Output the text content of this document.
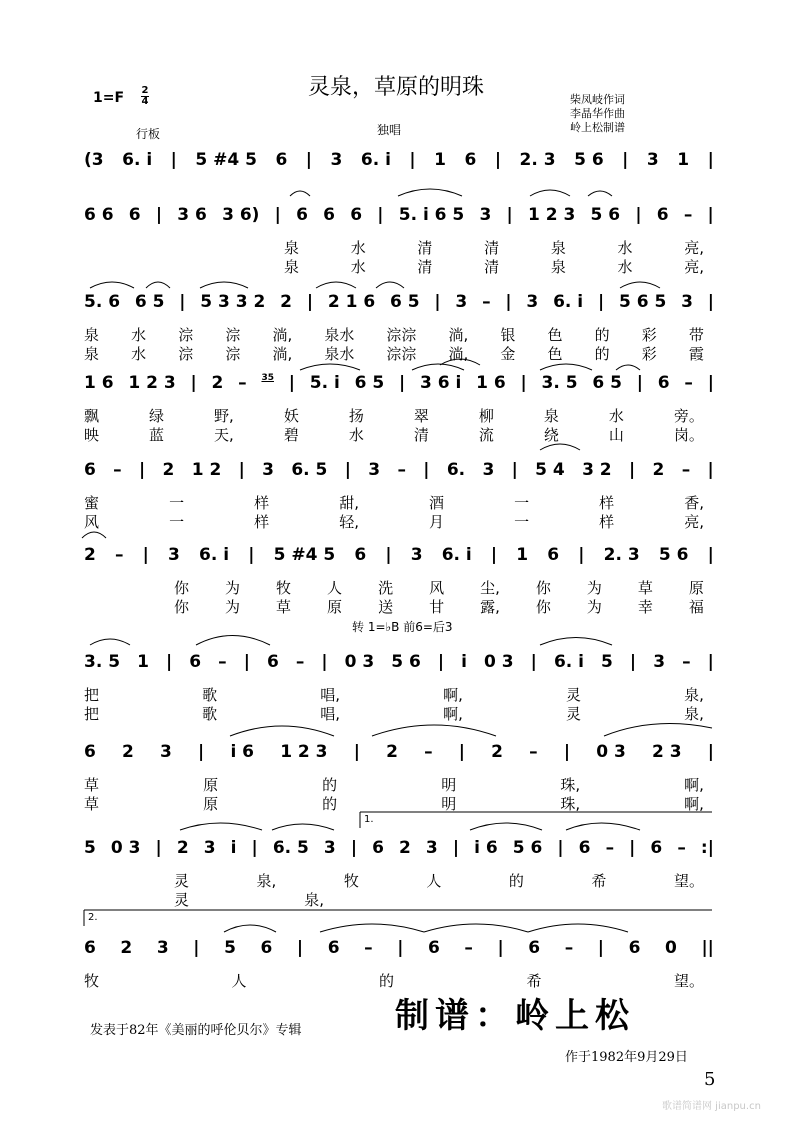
灵泉，草原的明珠
1=F 2
4
行板	独唱
柴凤岐作词
李晶华作曲
岭上松制谱
转 1=♭B 前6=后3
(3 6. i | 5 #4 5 6 | 3 6. i | 1 6 | 2. 3 5 6 | 3 1 |
6 6 6 | 3 6 3 6) | 6 6 6 | 5. i 6 5 3 | 1 2 3 5 6 | 6 – |
泉	水	清	清	泉	水	亮,
泉	水	清	清	泉	水	亮,
5. 6 6 5 | 5 3 3 2 2 | 2 1 6 6 5 | 3 – | 3 6. i | 5 6 5 3 |
泉 水 淙 淙 淌, 泉水 淙淙 淌, 银 色 的 彩 带
泉 水 淙 淙 淌, 泉水 淙淙 淌, 金 色 的 彩 霞
1 6 1 2 3 | 2 – 35 | 5. i 6 5 | 3 6 i 1 6 | 3. 5 6 5 | 6 – |
飘	绿	野,	妖	扬	翠	柳	泉	水	旁。
映	蓝	天,	碧	水	清	流	绕	山	岗。
6 – | 2 1 2 | 3 6. 5 | 3 – | 6. 3 | 5 4 3 2 | 2 – |
蜜	一	样	甜,	酒	一	样	香,
风	一	样	轻,	月	一	样	亮,
2 – | 3 6. i | 5 #4 5 6 | 3 6. i | 1 6 | 2. 3 5 6 |
你 为 牧 人 洗 风 尘, 你 为 草 原
你 为 草 原 送 甘 露, 你 为 幸 福
3. 5 1 | 6 – | 6 – | 0 3 5 6 | i 0 3 | 6. i 5 | 3 – |
把	歌	唱,	啊,	灵	泉,
把	歌	唱,	啊,	灵	泉,
6 2 3 | i 6 1 2 3 | 2 – | 2 – | 0 3 2 3 |
草	原	的	明	珠,	啊,
草	原	的	明	珠,	啊,
5 0 3 | 2 3 i | 6. 5 3 | 6 2 3 | i 6 5 6 | 6 – | 6 – :|
灵	泉,	牧	人	的	希	望。
灵	泉,
6 2 3 | 5 6 | 6 – | 6 – | 6 – | 6 0 ||
牧	人	的	希	望。
1.
2.
发表于82年《美丽的呼伦贝尔》专辑	制谱：岭上松
作于1982年9月29日
5
歌谱简谱网 jianpu.cn
